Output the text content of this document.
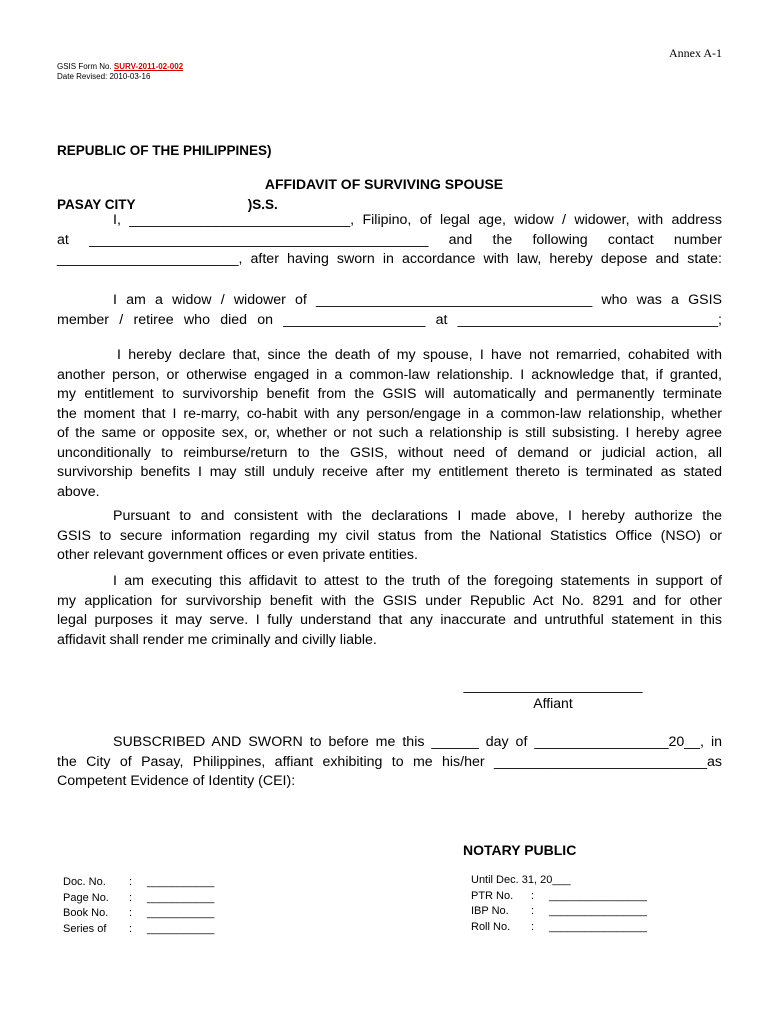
Annex A-1
GSIS Form No. SURV-2011-02-002
Date Revised: 2010-03-16

REPUBLIC OF THE PHILIPPINES)

PASAY CITY                              )S.S.

AFFIDAVIT OF SURVIVING SPOUSE
I, ____________________________, Filipino, of legal age, widow / widower, with address
at ___________________________________________ and the following contact number
_______________________, after having sworn in accordance with law, hereby depose and state:
I am a widow / widower of ___________________________________ who was a GSIS
member / retiree who died on __________________ at _________________________________;
I hereby declare that, since the death of my spouse, I have not remarried, cohabited with
another person, or otherwise engaged in a common-law relationship. I acknowledge that, if granted,
my entitlement to survivorship benefit from the GSIS will automatically and permanently terminate
the moment that I re-marry, co-habit with any person/engage in a common-law relationship, whether
of the same or opposite sex, or, whether or not such a relationship is still subsisting. I hereby agree
unconditionally to reimburse/return to the GSIS, without need of demand or judicial action, all
survivorship benefits I may still unduly receive after my entitlement thereto is terminated as stated
above.
Pursuant to and consistent with the declarations I made above, I hereby authorize the
GSIS to secure information regarding my civil status from the National Statistics Office (NSO) or
other relevant government offices or even private entities.
I am executing this affidavit to attest to the truth of the foregoing statements in support of
my application for survivorship benefit with the GSIS under Republic Act No. 8291 and for other
legal purposes it may serve. I fully understand that any inaccurate and untruthful statement in this
affidavit shall render me criminally and civilly liable.
_______________________
Affiant
SUBSCRIBED AND SWORN to before me this ______ day of _________________20__, in
the City of Pasay, Philippines, affiant exhibiting to me his/her ___________________________as
Competent Evidence of Identity (CEI):
NOTARY PUBLIC
Doc. No. : ___________
Page No. : ___________
Book No. : ___________
Series of : ___________
Until Dec. 31, 20___
PTR No. : ________________
IBP No. : ________________
Roll No. : ________________
